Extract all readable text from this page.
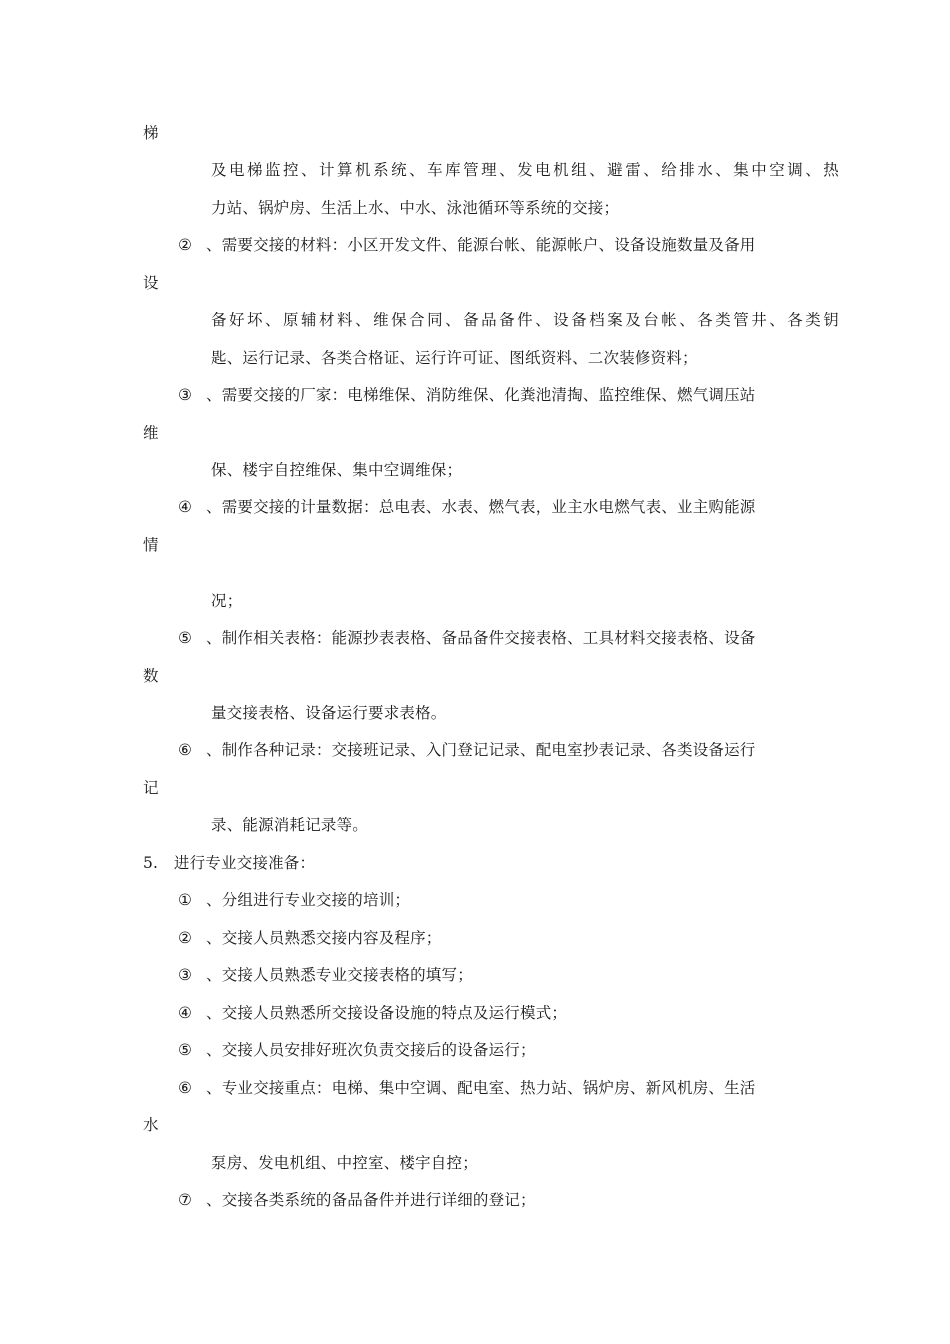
梯
及电梯监控、计算机系统、车库管理、发电机组、避雷、给排水、集中空调、热
力站、锅炉房、生活上水、中水、泳池循环等系统的交接；
② 、需要交接的材料：小区开发文件、能源台帐、能源帐户、设备设施数量及备用
设
备好坏、原辅材料、维保合同、备品备件、设备档案及台帐、各类管井、各类钥
匙、运行记录、各类合格证、运行许可证、图纸资料、二次装修资料；
③ 、需要交接的厂家：电梯维保、消防维保、化粪池清掏、监控维保、燃气调压站
维
保、楼宇自控维保、集中空调维保；
④ 、需要交接的计量数据：总电表、水表、燃气表，业主水电燃气表、业主购能源
情
况；
⑤ 、制作相关表格：能源抄表表格、备品备件交接表格、工具材料交接表格、设备
数
量交接表格、设备运行要求表格。
⑥ 、制作各种记录：交接班记录、入门登记记录、配电室抄表记录、各类设备运行
记
录、能源消耗记录等。
5.　进行专业交接准备：
① 、分组进行专业交接的培训；
② 、交接人员熟悉交接内容及程序；
③ 、交接人员熟悉专业交接表格的填写；
④ 、交接人员熟悉所交接设备设施的特点及运行模式；
⑤ 、交接人员安排好班次负责交接后的设备运行；
⑥ 、专业交接重点：电梯、集中空调、配电室、热力站、锅炉房、新风机房、生活
水
泵房、发电机组、中控室、楼宇自控；
⑦ 、交接各类系统的备品备件并进行详细的登记；
